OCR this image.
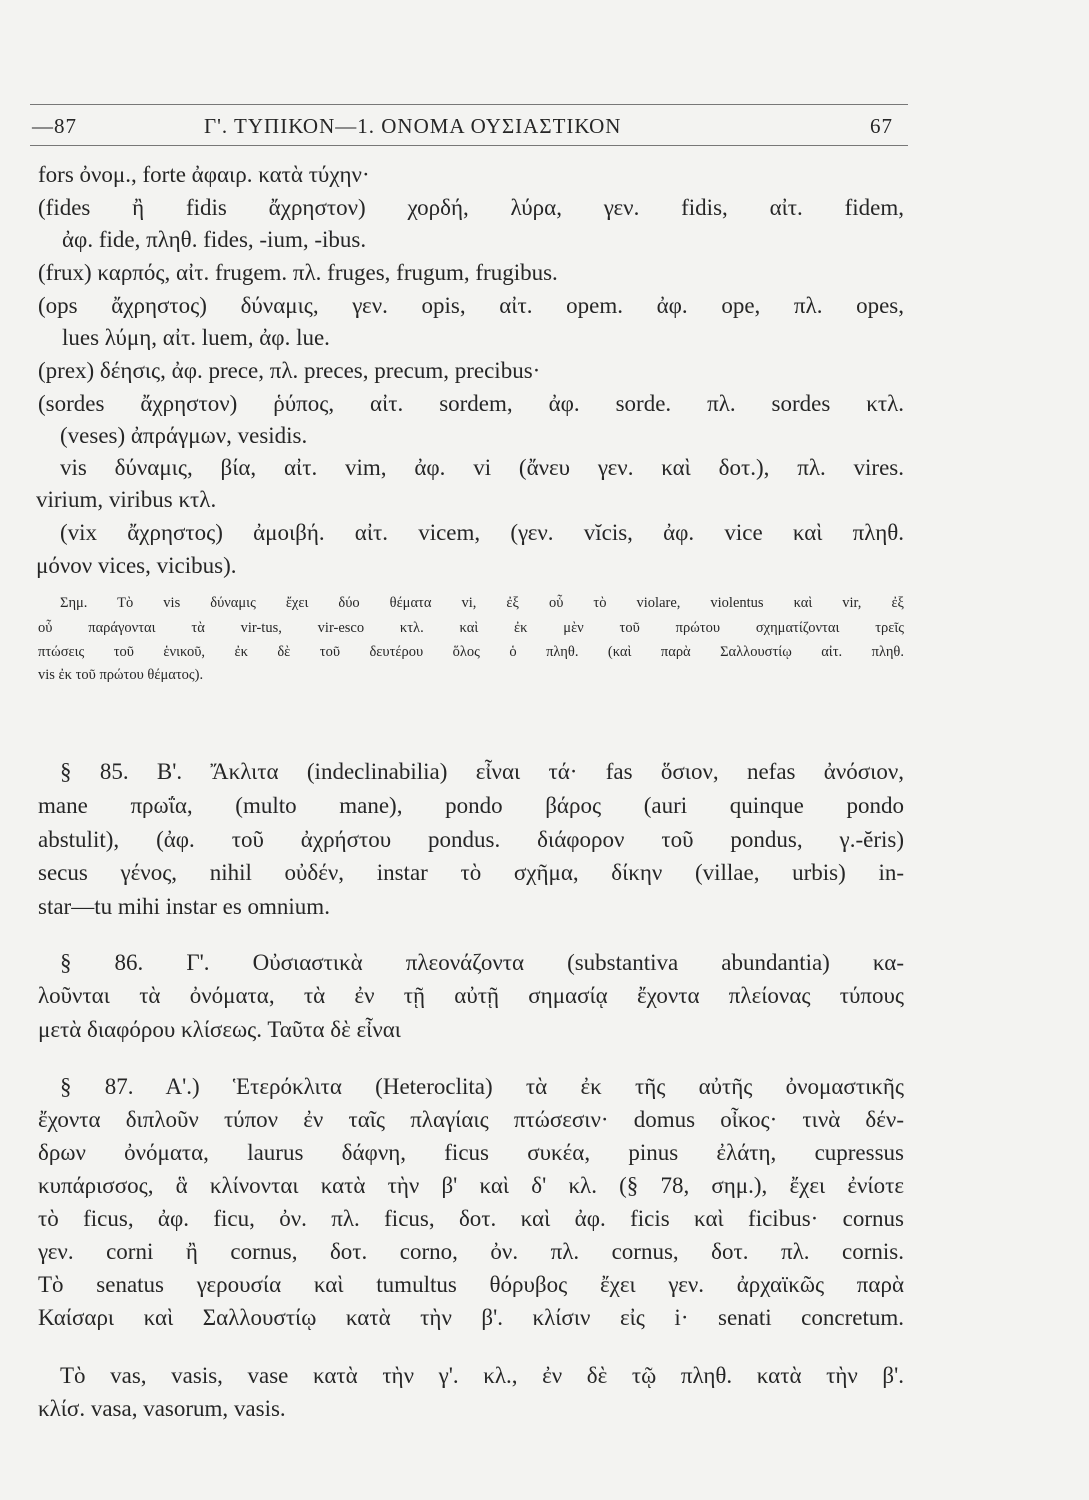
—87	Γ'. ΤΥΠΙΚΟΝ—1. ΟΝΟΜΑ ΟΥΣΙΑΣΤΙΚΟΝ	67
fors ὀνομ., forte ἀφαιρ. κατὰ τύχην·
(fides ἢ fidis ἄχρηστον) χορδή, λύρα, γεν. fidis, αἰτ. fidem,
ἀφ. fide, πληθ. fides, -ium, -ibus.
(frux) καρπός, αἰτ. frugem. πλ. fruges, frugum, frugibus.
(ops ἄχρηστος) δύναμις, γεν. opis, αἰτ. opem. ἀφ. ope, πλ. opes,
lues λύμη, αἰτ. luem, ἀφ. lue.
(prex) δέησις, ἀφ. prece, πλ. preces, precum, precibus·
(sordes ἄχρηστον) ῥύπος, αἰτ. sordem, ἀφ. sorde. πλ. sordes κτλ.
(veses) ἀπράγμων, vesidis.
vis δύναμις, βία, αἰτ. vim, ἀφ. vi (ἄνευ γεν. καὶ δοτ.), πλ. vires.
virium, viribus κτλ.
(vix ἄχρηστος) ἀμοιβή. αἰτ. vicem, (γεν. vĭcis, ἀφ. vice καὶ πληθ.
μόνον vices, vicibus).
Σημ. Τὸ vis δύναμις ἔχει δύο θέματα vi, ἐξ οὗ τὸ violare, violentus καὶ vir, ἐξ
οὗ παράγονται τὰ vir-tus, vir-esco κτλ. καὶ ἐκ μὲν τοῦ πρώτου σχηματίζονται τρεῖς
πτώσεις τοῦ ἑνικοῦ, ἐκ δὲ τοῦ δευτέρου ὅλος ὁ πληθ. (καὶ παρὰ Σαλλουστίῳ αἰτ. πληθ.
vis ἐκ τοῦ πρώτου θέματος).
§ 85. Β'. Ἄκλιτα (indeclinabilia) εἶναι τά· fas ὅσιον, nefas ἀνόσιον,
mane πρωΐα, (multo mane), pondo βάρος (auri quinque pondo
abstulit), (ἀφ. τοῦ ἀχρήστου pondus. διάφορον τοῦ pondus, γ.-ĕris)
secus γένος, nihil οὐδέν, instar τὸ σχῆμα, δίκην (villae, urbis) in-
star—tu mihi instar es omnium.
§ 86. Γ'. Οὐσιαστικὰ πλεονάζοντα (substantiva abundantia) κα-
λοῦνται τὰ ὀνόματα, τὰ ἐν τῇ αὐτῇ σημασίᾳ ἔχοντα πλείονας τύπους
μετὰ διαφόρου κλίσεως. Ταῦτα δὲ εἶναι
§ 87. Α'.) Ἑτερόκλιτα (Heteroclita) τὰ ἐκ τῆς αὐτῆς ὀνομαστικῆς
ἔχοντα διπλοῦν τύπον ἐν ταῖς πλαγίαις πτώσεσιν· domus οἶκος· τινὰ δέν-
δρων ὀνόματα, laurus δάφνη, ficus συκέα, pinus ἐλάτη, cupressus
κυπάρισσος, ἃ κλίνονται κατὰ τὴν β' καὶ δ' κλ. (§ 78, σημ.), ἔχει ἐνίοτε
τὸ ficus, ἀφ. ficu, ὀν. πλ. ficus, δοτ. καὶ ἀφ. ficis καὶ ficibus· cornus
γεν. corni ἢ cornus, δοτ. corno, ὀν. πλ. cornus, δοτ. πλ. cornis.
Τὸ senatus γερουσία καὶ tumultus θόρυβος ἔχει γεν. ἀρχαϊκῶς παρὰ
Καίσαρι καὶ Σαλλουστίῳ κατὰ τὴν β'. κλίσιν εἰς i· senati concretum.
Τὸ vas, vasis, vase κατὰ τὴν γ'. κλ., ἐν δὲ τῷ πληθ. κατὰ τὴν β'.
κλίσ. vasa, vasorum, vasis.
